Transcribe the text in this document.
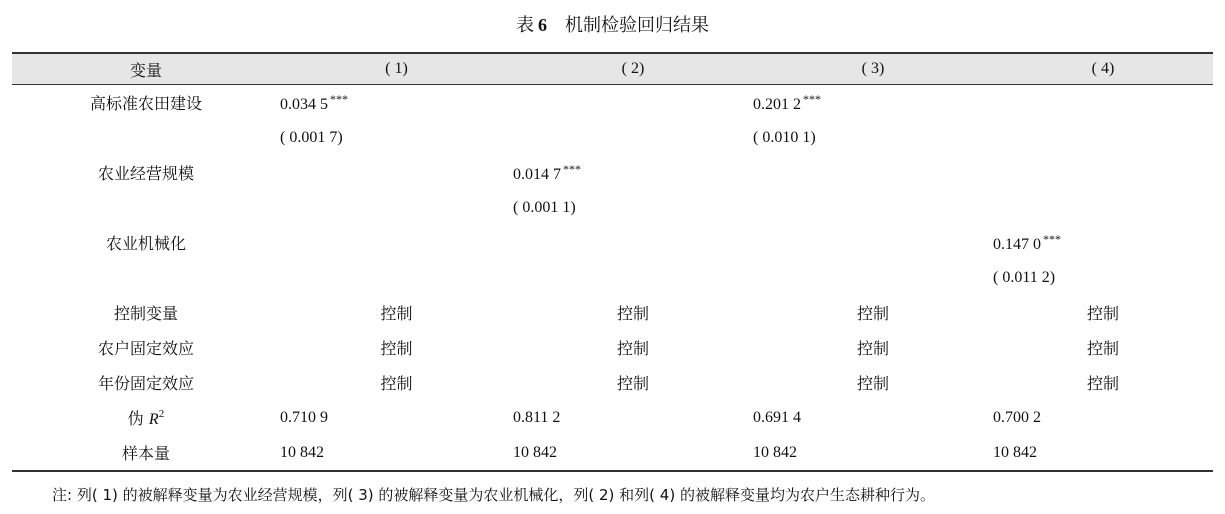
表 6 机制检验回归结果
变量	( 1)	( 2)	( 3)	( 4)
高标准农田建设	0.034 5 ***		0.201 2 ***	
	( 0.001 7)		( 0.010 1)	
农业经营规模		0.014 7 ***		
		( 0.001 1)		
农业机械化				0.147 0 ***
				( 0.011 2)
控制变量	控制	控制	控制	控制
农户固定效应	控制	控制	控制	控制
年份固定效应	控制	控制	控制	控制
伪 $R^2$	0.710 9	0.811 2	0.691 4	0.700 2
样本量	10 842	10 842	10 842	10 842
注: 列( 1) 的被解释变量为农业经营规模，列( 3) 的被解释变量为农业机械化，列( 2) 和列( 4) 的被解释变量均为农户生态耕种行为。
